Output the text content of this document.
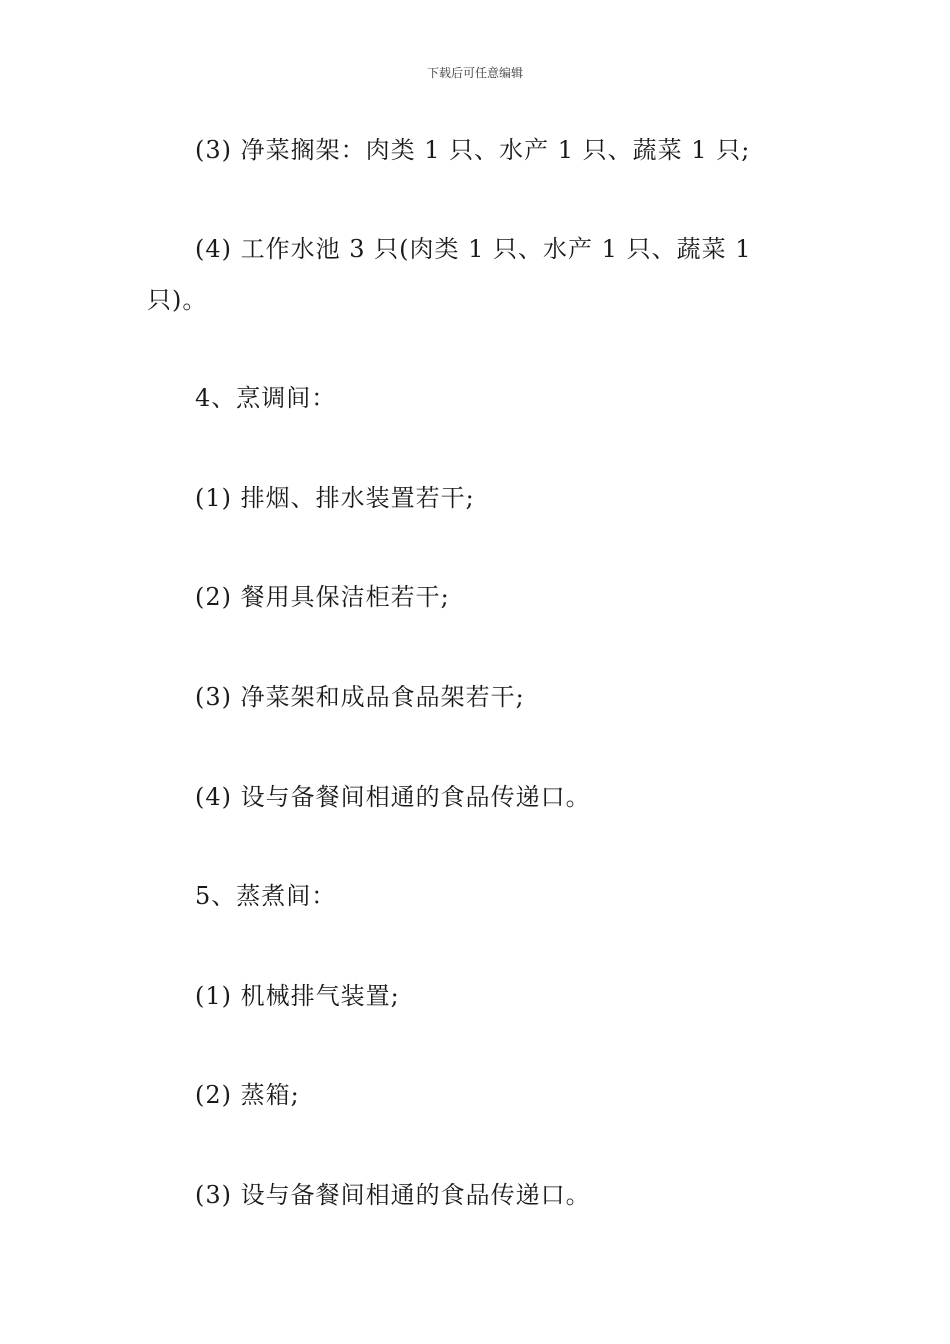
下载后可任意编辑
(3) 净菜搁架：肉类 1 只、水产 1 只、蔬菜 1 只;
(4) 工作水池 3 只(肉类 1 只、水产 1 只、蔬菜 1
只)。
4、烹调间：
(1) 排烟、排水装置若干;
(2) 餐用具保洁柜若干;
(3) 净菜架和成品食品架若干;
(4) 设与备餐间相通的食品传递口。
5、蒸煮间：
(1) 机械排气装置;
(2) 蒸箱;
(3) 设与备餐间相通的食品传递口。
